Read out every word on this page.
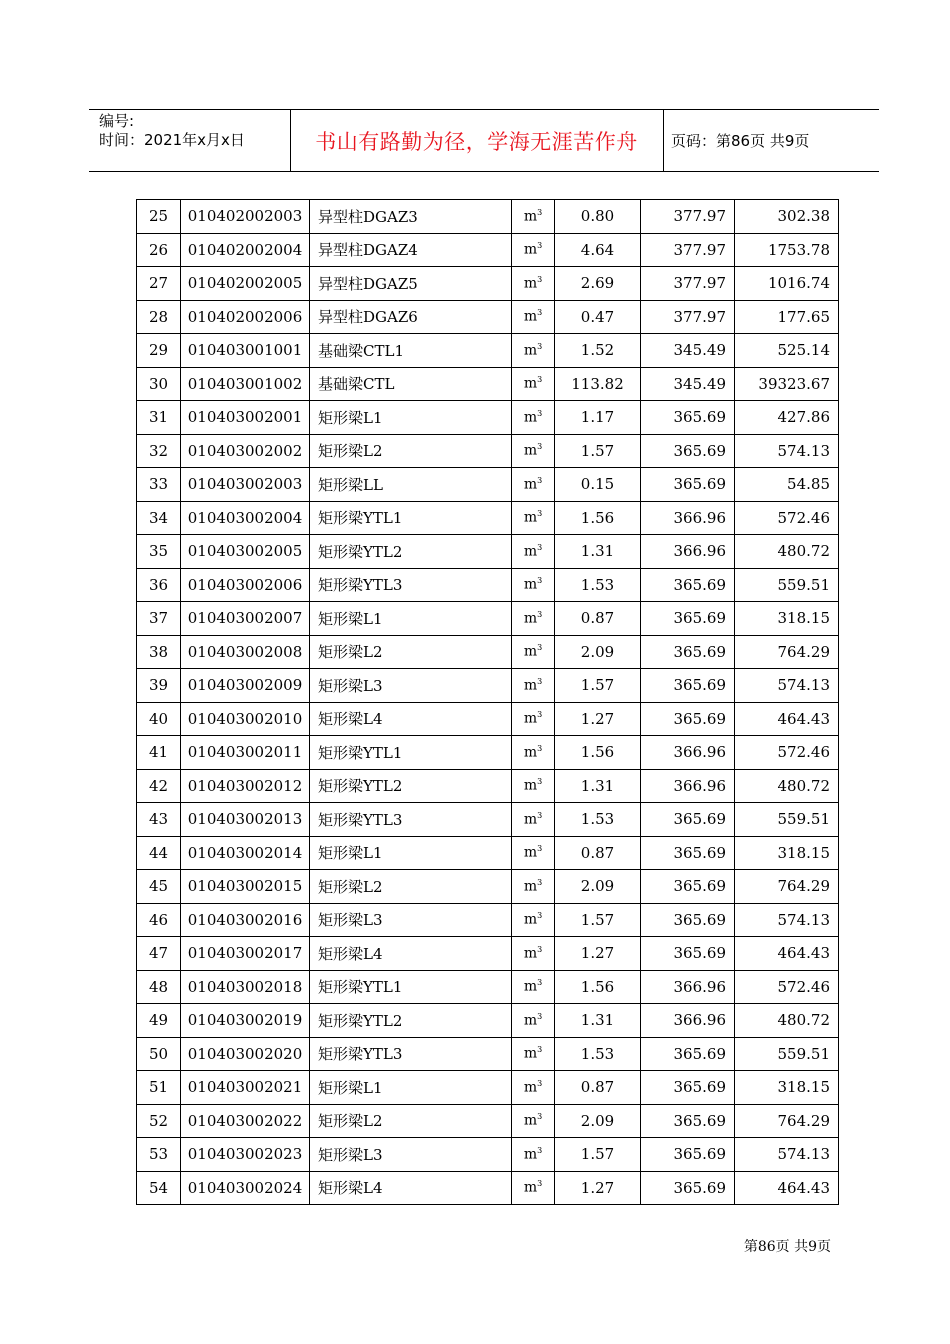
编号:
时间：2021年x月x日	书山有路勤为径，学海无涯苦作舟	页码：第86页 共9页
25	010402002003	异型柱DGAZ3	$m^3$	0.80	377.97	302.38
26	010402002004	异型柱DGAZ4	$m^3$	4.64	377.97	1753.78
27	010402002005	异型柱DGAZ5	$m^3$	2.69	377.97	1016.74
28	010402002006	异型柱DGAZ6	$m^3$	0.47	377.97	177.65
29	010403001001	基础梁CTL1	$m^3$	1.52	345.49	525.14
30	010403001002	基础梁CTL	$m^3$	113.82	345.49	39323.67
31	010403002001	矩形梁L1	$m^3$	1.17	365.69	427.86
32	010403002002	矩形梁L2	$m^3$	1.57	365.69	574.13
33	010403002003	矩形梁LL	$m^3$	0.15	365.69	54.85
34	010403002004	矩形梁YTL1	$m^3$	1.56	366.96	572.46
35	010403002005	矩形梁YTL2	$m^3$	1.31	366.96	480.72
36	010403002006	矩形梁YTL3	$m^3$	1.53	365.69	559.51
37	010403002007	矩形梁L1	$m^3$	0.87	365.69	318.15
38	010403002008	矩形梁L2	$m^3$	2.09	365.69	764.29
39	010403002009	矩形梁L3	$m^3$	1.57	365.69	574.13
40	010403002010	矩形梁L4	$m^3$	1.27	365.69	464.43
41	010403002011	矩形梁YTL1	$m^3$	1.56	366.96	572.46
42	010403002012	矩形梁YTL2	$m^3$	1.31	366.96	480.72
43	010403002013	矩形梁YTL3	$m^3$	1.53	365.69	559.51
44	010403002014	矩形梁L1	$m^3$	0.87	365.69	318.15
45	010403002015	矩形梁L2	$m^3$	2.09	365.69	764.29
46	010403002016	矩形梁L3	$m^3$	1.57	365.69	574.13
47	010403002017	矩形梁L4	$m^3$	1.27	365.69	464.43
48	010403002018	矩形梁YTL1	$m^3$	1.56	366.96	572.46
49	010403002019	矩形梁YTL2	$m^3$	1.31	366.96	480.72
50	010403002020	矩形梁YTL3	$m^3$	1.53	365.69	559.51
51	010403002021	矩形梁L1	$m^3$	0.87	365.69	318.15
52	010403002022	矩形梁L2	$m^3$	2.09	365.69	764.29
53	010403002023	矩形梁L3	$m^3$	1.57	365.69	574.13
54	010403002024	矩形梁L4	$m^3$	1.27	365.69	464.43
第86页 共9页
